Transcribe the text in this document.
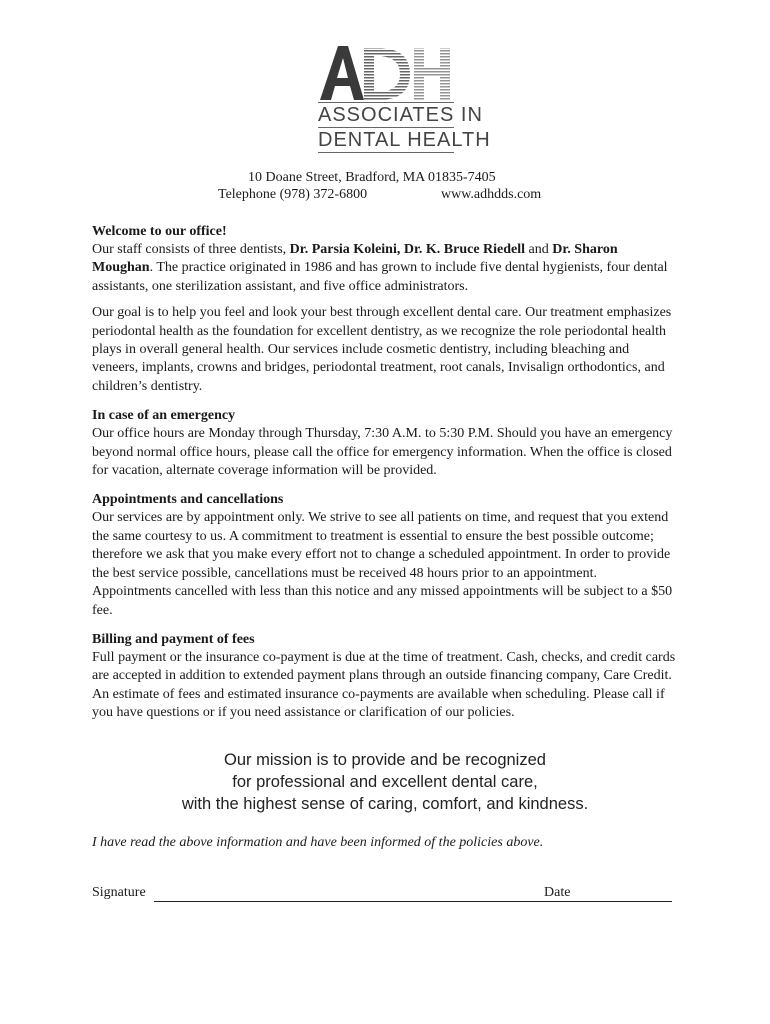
ASSOCIATES IN
DENTAL HEALTH
10 Doane Street, Bradford, MA 01835-7405
Telephone (978) 372-6800	www.adhdds.com
Welcome to our office!

Our staff consists of three dentists, Dr. Parsia Koleini, Dr. K. Bruce Riedell and Dr. Sharon Moughan. The practice originated in 1986 and has grown to include five dental hygienists, four dental assistants, one sterilization assistant, and five office administrators.

Our goal is to help you feel and look your best through excellent dental care. Our treatment emphasizes periodontal health as the foundation for excellent dentistry, as we recognize the role periodontal health plays in overall general health. Our services include cosmetic dentistry, including bleaching and veneers, implants, crowns and bridges, periodontal treatment, root canals, Invisalign orthodontics, and children’s dentistry.

In case of an emergency

Our office hours are Monday through Thursday, 7:30 A.M. to 5:30 P.M. Should you have an emergency beyond normal office hours, please call the office for emergency information. When the office is closed for vacation, alternate coverage information will be provided.

Appointments and cancellations

Our services are by appointment only. We strive to see all patients on time, and request that you extend the same courtesy to us. A commitment to treatment is essential to ensure the best possible outcome; therefore we ask that you make every effort not to change a scheduled appointment. In order to provide the best service possible, cancellations must be received 48 hours prior to an appointment. Appointments cancelled with less than this notice and any missed appointments will be subject to a $50 fee.

Billing and payment of fees

Full payment or the insurance co-payment is due at the time of treatment. Cash, checks, and credit cards are accepted in addition to extended payment plans through an outside financing company, Care Credit. An estimate of fees and estimated insurance co-payments are available when scheduling. Please call if you have questions or if you need assistance or clarification of our policies.

Our mission is to provide and be recognized
for professional and excellent dental care,
with the highest sense of caring, comfort, and kindness.
I have read the above information and have been informed of the policies above.
Signature	Date
